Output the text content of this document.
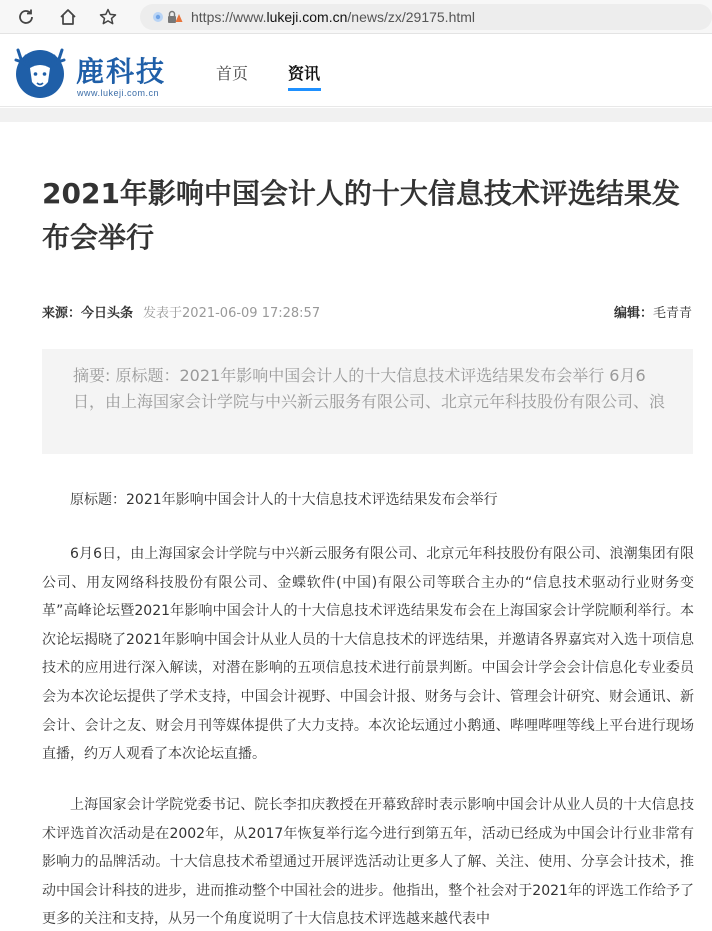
https://www.lukeji.com.cn/news/zx/29175.html
鹿科技
www.lukeji.com.cn
首页 资讯
2021年影响中国会计人的十大信息技术评选结果发布会举行
来源：今日头条 发表于2021-06-09 17:28:57	编辑：毛青青
摘要: 原标题：2021年影响中国会计人的十大信息技术评选结果发布会举行 6月6日，由上海国家会计学院与中兴新云服务有限公司、北京元年科技股份有限公司、浪

原标题：2021年影响中国会计人的十大信息技术评选结果发布会举行

6月6日，由上海国家会计学院与中兴新云服务有限公司、北京元年科技股份有限公司、浪潮集团有限公司、用友网络科技股份有限公司、金蝶软件(中国)有限公司等联合主办的“信息技术驱动行业财务变革”高峰论坛暨2021年影响中国会计人的十大信息技术评选结果发布会在上海国家会计学院顺利举行。本次论坛揭晓了2021年影响中国会计从业人员的十大信息技术的评选结果，并邀请各界嘉宾对入选十项信息技术的应用进行深入解读，对潜在影响的五项信息技术进行前景判断。中国会计学会会计信息化专业委员会为本次论坛提供了学术支持，中国会计视野、中国会计报、财务与会计、管理会计研究、财会通讯、新会计、会计之友、财会月刊等媒体提供了大力支持。本次论坛通过小鹅通、哔哩哔哩等线上平台进行现场直播，约万人观看了本次论坛直播。

上海国家会计学院党委书记、院长李扣庆教授在开幕致辞时表示影响中国会计从业人员的十大信息技术评选首次活动是在2002年，从2017年恢复举行迄今进行到第五年，活动已经成为中国会计行业非常有影响力的品牌活动。十大信息技术希望通过开展评选活动让更多人了解、关注、使用、分享会计技术，推动中国会计科技的进步，进而推动整个中国社会的进步。他指出，整个社会对于2021年的评选工作给予了更多的关注和支持，从另一个角度说明了十大信息技术评选越来越代表中
